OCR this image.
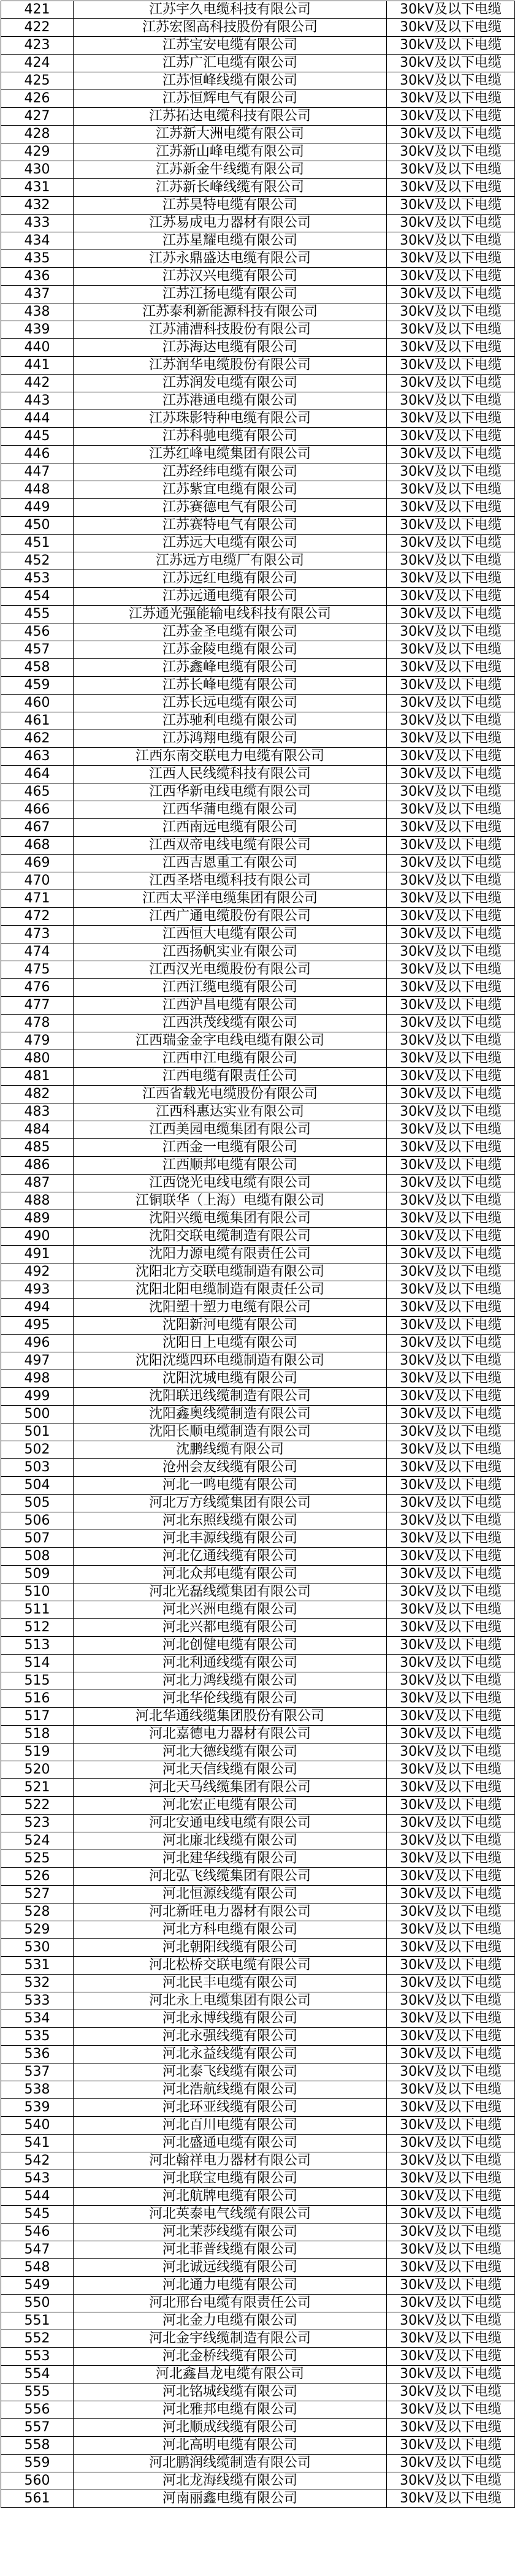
421	江苏宇久电缆科技有限公司	30kV及以下电缆
422	江苏宏图高科技股份有限公司	30kV及以下电缆
423	江苏宝安电缆有限公司	30kV及以下电缆
424	江苏广汇电缆有限公司	30kV及以下电缆
425	江苏恒峰线缆有限公司	30kV及以下电缆
426	江苏恒辉电气有限公司	30kV及以下电缆
427	江苏拓达电缆科技有限公司	30kV及以下电缆
428	江苏新大洲电缆有限公司	30kV及以下电缆
429	江苏新山峰电缆有限公司	30kV及以下电缆
430	江苏新金牛线缆有限公司	30kV及以下电缆
431	江苏新长峰线缆有限公司	30kV及以下电缆
432	江苏昊特电缆有限公司	30kV及以下电缆
433	江苏易成电力器材有限公司	30kV及以下电缆
434	江苏星耀电缆有限公司	30kV及以下电缆
435	江苏永鼎盛达电缆有限公司	30kV及以下电缆
436	江苏汉兴电缆有限公司	30kV及以下电缆
437	江苏江扬电缆有限公司	30kV及以下电缆
438	江苏泰利新能源科技有限公司	30kV及以下电缆
439	江苏浦漕科技股份有限公司	30kV及以下电缆
440	江苏海达电缆有限公司	30kV及以下电缆
441	江苏润华电缆股份有限公司	30kV及以下电缆
442	江苏润发电缆有限公司	30kV及以下电缆
443	江苏港通电缆有限公司	30kV及以下电缆
444	江苏珠影特种电缆有限公司	30kV及以下电缆
445	江苏科驰电缆有限公司	30kV及以下电缆
446	江苏红峰电缆集团有限公司	30kV及以下电缆
447	江苏经纬电缆有限公司	30kV及以下电缆
448	江苏紫宜电缆有限公司	30kV及以下电缆
449	江苏赛德电气有限公司	30kV及以下电缆
450	江苏赛特电气有限公司	30kV及以下电缆
451	江苏远大电缆有限公司	30kV及以下电缆
452	江苏远方电缆厂有限公司	30kV及以下电缆
453	江苏远红电缆有限公司	30kV及以下电缆
454	江苏远通电缆有限公司	30kV及以下电缆
455	江苏通光强能输电线科技有限公司	30kV及以下电缆
456	江苏金圣电缆有限公司	30kV及以下电缆
457	江苏金陵电缆有限公司	30kV及以下电缆
458	江苏鑫峰电缆有限公司	30kV及以下电缆
459	江苏长峰电缆有限公司	30kV及以下电缆
460	江苏长远电缆有限公司	30kV及以下电缆
461	江苏驰利电缆有限公司	30kV及以下电缆
462	江苏鸿翔电缆有限公司	30kV及以下电缆
463	江西东南交联电力电缆有限公司	30kV及以下电缆
464	江西人民线缆科技有限公司	30kV及以下电缆
465	江西华新电线电缆有限公司	30kV及以下电缆
466	江西华蒲电缆有限公司	30kV及以下电缆
467	江西南远电缆有限公司	30kV及以下电缆
468	江西双帝电线电缆有限公司	30kV及以下电缆
469	江西吉恩重工有限公司	30kV及以下电缆
470	江西圣塔电缆科技有限公司	30kV及以下电缆
471	江西太平洋电缆集团有限公司	30kV及以下电缆
472	江西广通电缆股份有限公司	30kV及以下电缆
473	江西恒大电缆有限公司	30kV及以下电缆
474	江西扬帆实业有限公司	30kV及以下电缆
475	江西汉光电缆股份有限公司	30kV及以下电缆
476	江西江缆电缆有限公司	30kV及以下电缆
477	江西沪昌电缆有限公司	30kV及以下电缆
478	江西洪茂线缆有限公司	30kV及以下电缆
479	江西瑞金金字电线电缆有限公司	30kV及以下电缆
480	江西申江电缆有限公司	30kV及以下电缆
481	江西电缆有限责任公司	30kV及以下电缆
482	江西省载光电缆股份有限公司	30kV及以下电缆
483	江西科惠达实业有限公司	30kV及以下电缆
484	江西美园电缆集团有限公司	30kV及以下电缆
485	江西金一电缆有限公司	30kV及以下电缆
486	江西顺邦电缆有限公司	30kV及以下电缆
487	江西饶光电线电缆有限公司	30kV及以下电缆
488	江铜联华（上海）电缆有限公司	30kV及以下电缆
489	沈阳兴缆电缆集团有限公司	30kV及以下电缆
490	沈阳交联电缆制造有限公司	30kV及以下电缆
491	沈阳力源电缆有限责任公司	30kV及以下电缆
492	沈阳北方交联电缆制造有限公司	30kV及以下电缆
493	沈阳北阳电缆制造有限责任公司	30kV及以下电缆
494	沈阳塑十塑力电缆有限公司	30kV及以下电缆
495	沈阳新河电缆有限公司	30kV及以下电缆
496	沈阳日上电缆有限公司	30kV及以下电缆
497	沈阳沈缆四环电缆制造有限公司	30kV及以下电缆
498	沈阳沈城电缆有限公司	30kV及以下电缆
499	沈阳联迅线缆制造有限公司	30kV及以下电缆
500	沈阳鑫奥线缆制造有限公司	30kV及以下电缆
501	沈阳长顺电缆制造有限公司	30kV及以下电缆
502	沈鹏线缆有限公司	30kV及以下电缆
503	沧州会友线缆有限公司	30kV及以下电缆
504	河北一鸣电缆有限公司	30kV及以下电缆
505	河北万方线缆集团有限公司	30kV及以下电缆
506	河北东照线缆有限公司	30kV及以下电缆
507	河北丰源线缆有限公司	30kV及以下电缆
508	河北亿通线缆有限公司	30kV及以下电缆
509	河北众邦电缆有限公司	30kV及以下电缆
510	河北光磊线缆集团有限公司	30kV及以下电缆
511	河北兴洲电缆有限公司	30kV及以下电缆
512	河北兴都电缆有限公司	30kV及以下电缆
513	河北创健电缆有限公司	30kV及以下电缆
514	河北利通线缆有限公司	30kV及以下电缆
515	河北力鸿线缆有限公司	30kV及以下电缆
516	河北华伦线缆有限公司	30kV及以下电缆
517	河北华通线缆集团股份有限公司	30kV及以下电缆
518	河北嘉德电力器材有限公司	30kV及以下电缆
519	河北大德线缆有限公司	30kV及以下电缆
520	河北天信线缆有限公司	30kV及以下电缆
521	河北天马线缆集团有限公司	30kV及以下电缆
522	河北宏正电缆有限公司	30kV及以下电缆
523	河北安通电线电缆有限公司	30kV及以下电缆
524	河北廉北线缆有限公司	30kV及以下电缆
525	河北建华线缆有限公司	30kV及以下电缆
526	河北弘飞线缆集团有限公司	30kV及以下电缆
527	河北恒源线缆有限公司	30kV及以下电缆
528	河北新旺电力器材有限公司	30kV及以下电缆
529	河北方科电缆有限公司	30kV及以下电缆
530	河北朝阳线缆有限公司	30kV及以下电缆
531	河北松桥交联电缆有限公司	30kV及以下电缆
532	河北民丰电缆有限公司	30kV及以下电缆
533	河北永上电缆集团有限公司	30kV及以下电缆
534	河北永博线缆有限公司	30kV及以下电缆
535	河北永强线缆有限公司	30kV及以下电缆
536	河北永益线缆有限公司	30kV及以下电缆
537	河北泰飞线缆有限公司	30kV及以下电缆
538	河北浩航线缆有限公司	30kV及以下电缆
539	河北环亚线缆有限公司	30kV及以下电缆
540	河北百川电缆有限公司	30kV及以下电缆
541	河北盛通电缆有限公司	30kV及以下电缆
542	河北翰祥电力器材有限公司	30kV及以下电缆
543	河北联宝电缆有限公司	30kV及以下电缆
544	河北航牌电缆有限公司	30kV及以下电缆
545	河北英泰电气线缆有限公司	30kV及以下电缆
546	河北茉莎线缆有限公司	30kV及以下电缆
547	河北菲普线缆有限公司	30kV及以下电缆
548	河北诚远线缆有限公司	30kV及以下电缆
549	河北通力电缆有限公司	30kV及以下电缆
550	河北邢台电缆有限责任公司	30kV及以下电缆
551	河北金力电缆有限公司	30kV及以下电缆
552	河北金宇线缆制造有限公司	30kV及以下电缆
553	河北金桥线缆有限公司	30kV及以下电缆
554	河北鑫昌龙电缆有限公司	30kV及以下电缆
555	河北铭城线缆有限公司	30kV及以下电缆
556	河北雅邦电缆有限公司	30kV及以下电缆
557	河北顺成线缆有限公司	30kV及以下电缆
558	河北高明电缆有限公司	30kV及以下电缆
559	河北鹏润线缆制造有限公司	30kV及以下电缆
560	河北龙海线缆有限公司	30kV及以下电缆
561	河南丽鑫电缆有限公司	30kV及以下电缆
